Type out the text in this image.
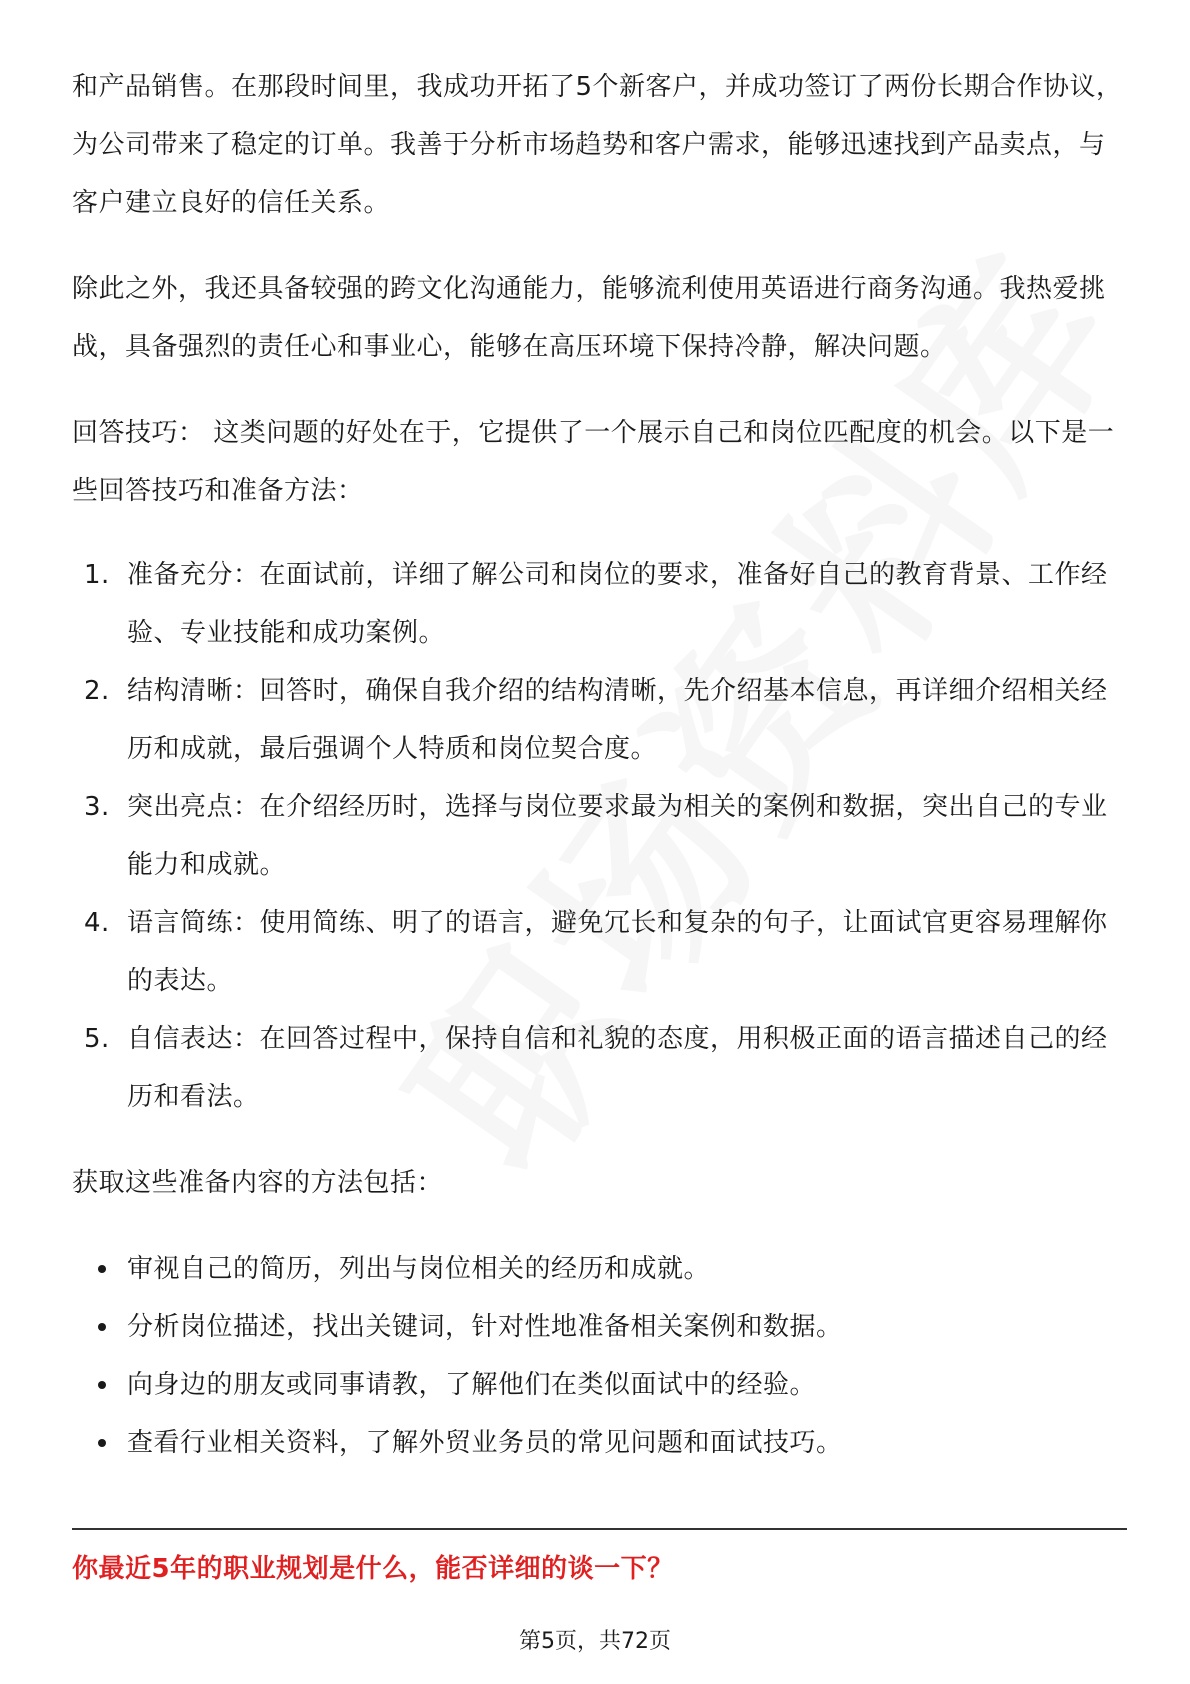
和产品销售。在那段时间里，我成功开拓了5个新客户，并成功签订了两份长期合作协议，为公司带来了稳定的订单。我善于分析市场趋势和客户需求，能够迅速找到产品卖点，与客户建立良好的信任关系。

除此之外，我还具备较强的跨文化沟通能力，能够流利使用英语进行商务沟通。我热爱挑战，具备强烈的责任心和事业心，能够在高压环境下保持冷静，解决问题。

回答技巧： 这类问题的好处在于，它提供了一个展示自己和岗位匹配度的机会。以下是一些回答技巧和准备方法：

1. 准备充分：在面试前，详细了解公司和岗位的要求，准备好自己的教育背景、工作经验、专业技能和成功案例。
2. 结构清晰：回答时，确保自我介绍的结构清晰，先介绍基本信息，再详细介绍相关经历和成就，最后强调个人特质和岗位契合度。
3. 突出亮点：在介绍经历时，选择与岗位要求最为相关的案例和数据，突出自己的专业能力和成就。
4. 语言简练：使用简练、明了的语言，避免冗长和复杂的句子，让面试官更容易理解你的表达。
5. 自信表达：在回答过程中，保持自信和礼貌的态度，用积极正面的语言描述自己的经历和看法。

获取这些准备内容的方法包括：

审视自己的简历，列出与岗位相关的经历和成就。
分析岗位描述，找出关键词，针对性地准备相关案例和数据。
向身边的朋友或同事请教，了解他们在类似面试中的经验。
查看行业相关资料，了解外贸业务员的常见问题和面试技巧。
你最近5年的职业规划是什么，能否详细的谈一下？
第5页，共72页
